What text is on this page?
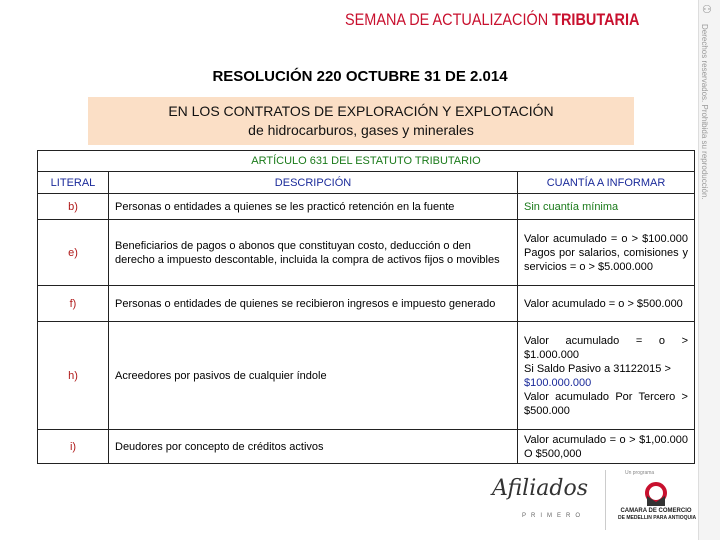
SEMANA DE ACTUALIZACIÓN TRIBUTARIA	⚇
Derechos reservados. Prohibida su reproducción.
RESOLUCIÓN 220 OCTUBRE 31 DE 2.014
EN LOS CONTRATOS DE EXPLORACIÓN Y EXPLOTACIÓN
de hidrocarburos, gases y minerales
ARTÍCULO 631 DEL ESTATUTO TRIBUTARIO		
LITERAL	DESCRIPCIÓN	CUANTÍA A INFORMAR
b)	Personas o entidades a quienes se les practicó retención en la fuente	Sin cuantía mínima
e)	Beneficiarios de pagos o abonos que constituyan costo, deducción o den derecho a impuesto descontable, incluida la compra de activos fijos o movibles	Valor acumulado = o > $100.000 Pagos por salarios, comisiones y servicios = o > $5.000.000
f)	Personas o entidades de quienes se recibieron ingresos e impuesto generado	Valor acumulado = o > $500.000
h)	Acreedores por pasivos de cualquier índole	Valor acumulado = o > $1.000.000
Si Saldo Pasivo a 31122015 >
$100.000.000
Valor acumulado Por Tercero > $500.000

i)	Deudores por concepto de créditos activos	Valor acumulado = o > $1,00.000 O $500,000
Afiliados
PRIMERO
Un programa
CAMARA DE COMERCIO
DE MEDELLIN PARA ANTIOQUIA
